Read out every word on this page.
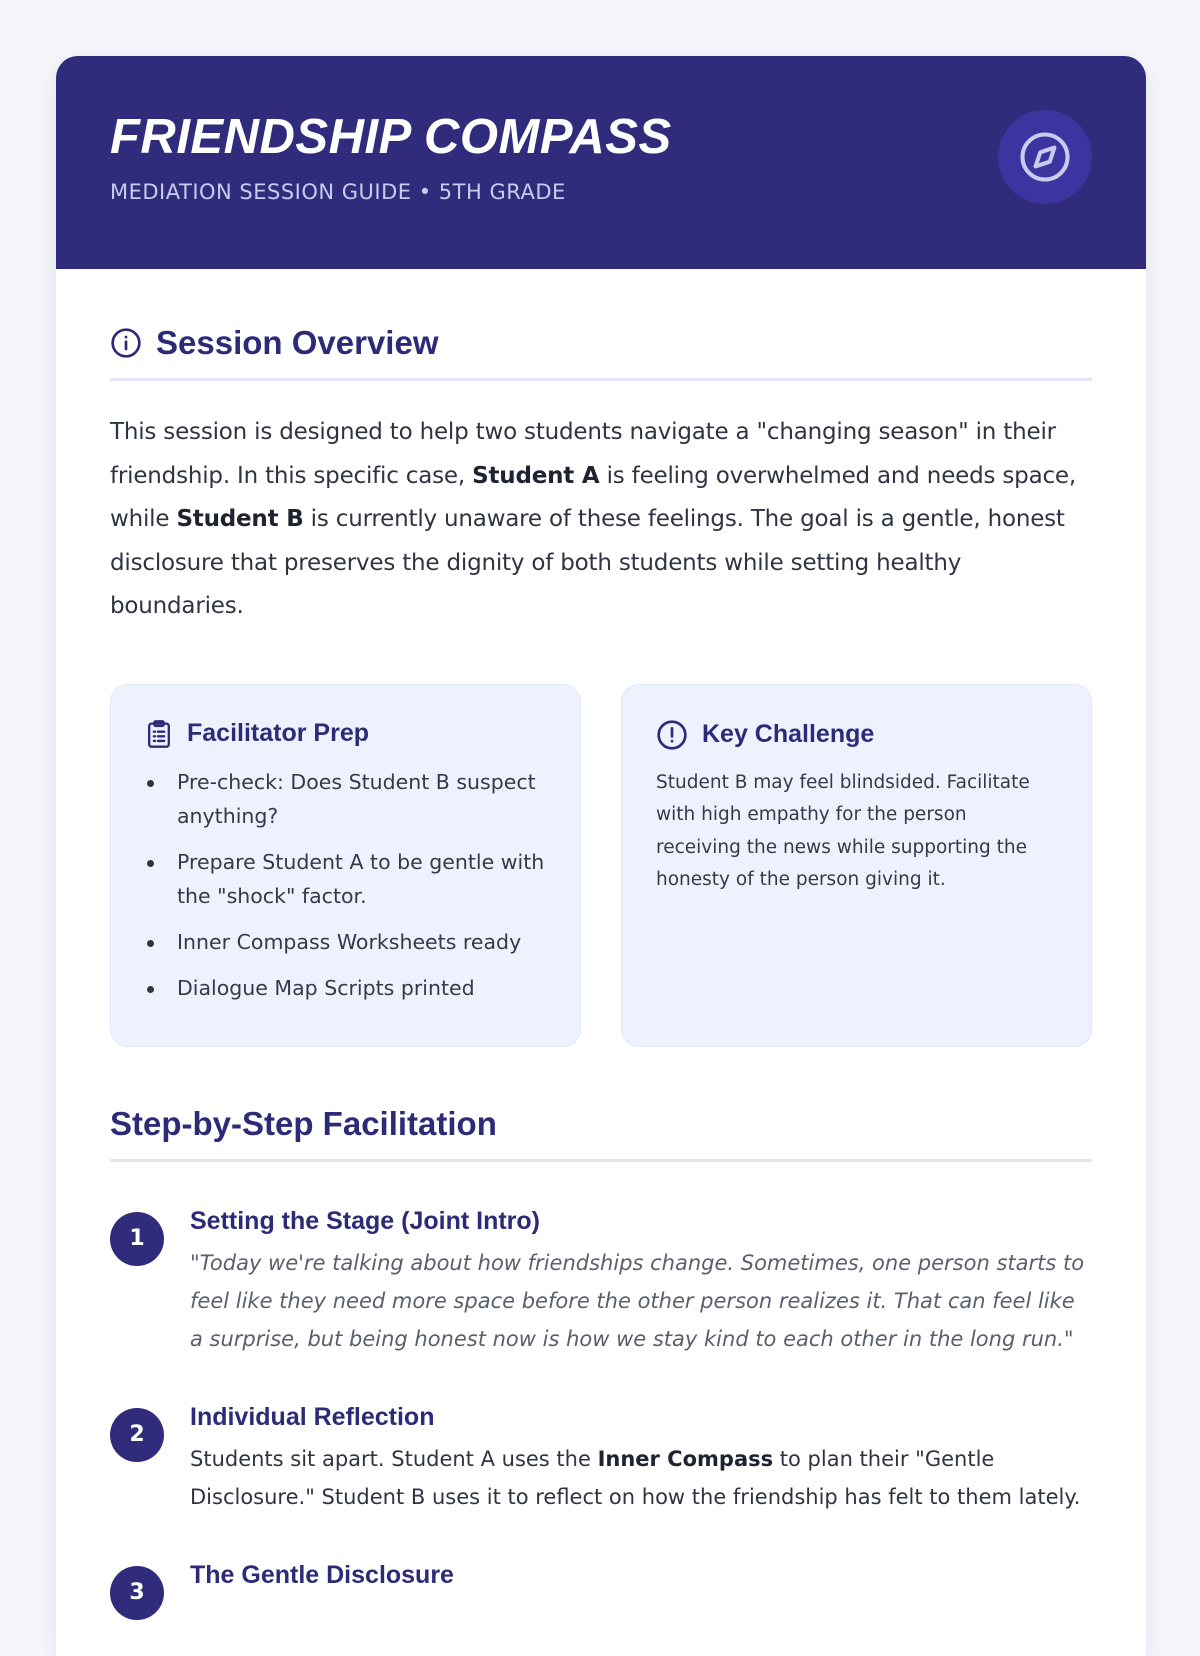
FRIENDSHIP COMPASS
MEDIATION SESSION GUIDE • 5TH GRADE
Session Overview

This session is designed to help two students navigate a "changing season" in their friendship. In this specific case, Student A is feeling overwhelmed and needs space, while Student B is currently unaware of these feelings. The goal is a gentle, honest disclosure that preserves the dignity of both students while setting healthy boundaries.

Facilitator Prep
Pre-check: Does Student B suspect anything?
Prepare Student A to be gentle with the "shock" factor.
Inner Compass Worksheets ready
Dialogue Map Scripts printed
Key Challenge

Student B may feel blindsided. Facilitate with high empathy for the person receiving the news while supporting the honesty of the person giving it.

Step-by-Step Facilitation
1
Setting the Stage (Joint Intro)

"Today we're talking about how friendships change. Sometimes, one person starts to feel like they need more space before the other person realizes it. That can feel like a surprise, but being honest now is how we stay kind to each other in the long run."

2
Individual Reflection

Students sit apart. Student A uses the Inner Compass to plan their "Gentle Disclosure." Student B uses it to reflect on how the friendship has felt to them lately.

3
The Gentle Disclosure
